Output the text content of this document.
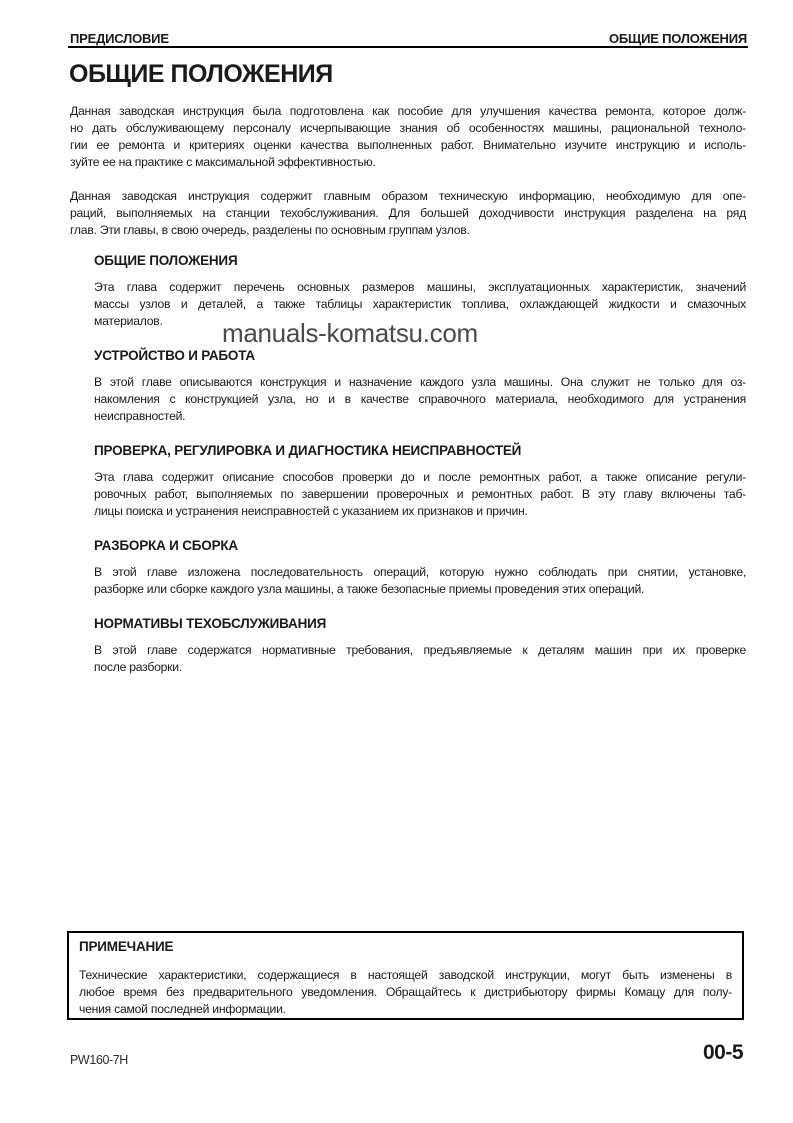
ПРЕДИСЛОВИЕ	ОБЩИЕ ПОЛОЖЕНИЯ
ОБЩИЕ ПОЛОЖЕНИЯ
Данная заводская инструкция была подготовлена как пособие для улучшения качества ремонта, которое долж-
но дать обслуживающему персоналу исчерпывающие знания об особенностях машины, рациональной техноло-
гии ее ремонта и критериях оценки качества выполненных работ. Внимательно изучите инструкцию и исполь-
зуйте ее на практике с максимальной эффективностью.
Данная заводская инструкция содержит главным образом техническую информацию, необходимую для опе-
раций, выполняемых на станции техобслуживания. Для большей доходчивости инструкция разделена на ряд
глав. Эти главы, в свою очередь, разделены по основным группам узлов.
manuals-komatsu.com
ОБЩИЕ ПОЛОЖЕНИЯ
Эта глава содержит перечень основных размеров машины, эксплуатационных характеристик, значений
массы узлов и деталей, а также таблицы характеристик топлива, охлаждающей жидкости и смазочных
материалов.
УСТРОЙСТВО И РАБОТА
В этой главе описываются конструкция и назначение каждого узла машины. Она служит не только для оз-
накомления с конструкцией узла, но и в качестве справочного материала, необходимого для устранения
неисправностей.
ПРОВЕРКА, РЕГУЛИРОВКА И ДИАГНОСТИКА НЕИСПРАВНОСТЕЙ
Эта глава содержит описание способов проверки до и после ремонтных работ, а также описание регули-
ровочных работ, выполняемых по завершении проверочных и ремонтных работ. В эту главу включены таб-
лицы поиска и устранения неисправностей с указанием их признаков и причин.
РАЗБОРКА И СБОРКА
В этой главе изложена последовательность операций, которую нужно соблюдать при снятии, установке,
разборке или сборке каждого узла машины, а также безопасные приемы проведения этих операций.
НОРМАТИВЫ ТЕХОБСЛУЖИВАНИЯ
В этой главе содержатся нормативные требования, предъявляемые к деталям машин при их проверке
после разборки.
ПРИМЕЧАНИЕ
Технические характеристики, содержащиеся в настоящей заводской инструкции, могут быть изменены в
любое время без предварительного уведомления. Обращайтесь к дистрибьютору фирмы Комацу для полу-
чения самой последней информации.
PW160-7H	00-5
